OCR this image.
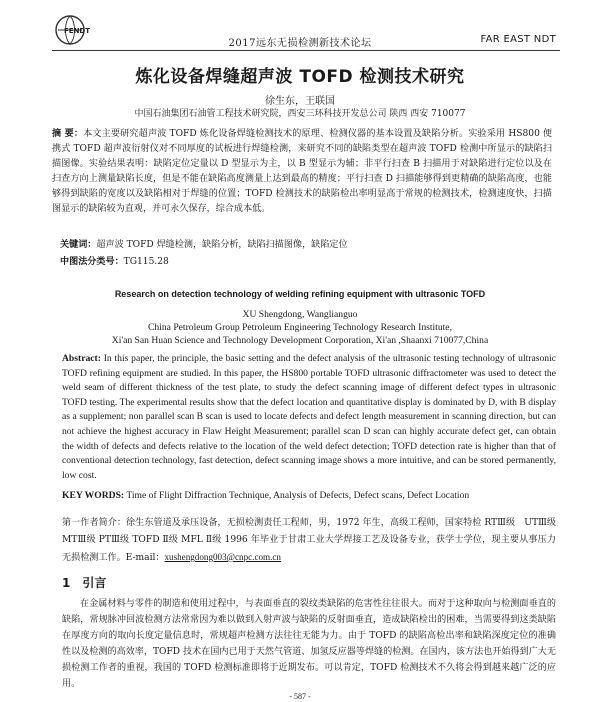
FENDT
2017远东无损检测新技术论坛	FAR EAST NDT
炼化设备焊缝超声波 TOFD 检测技术研究
徐生东，王联国
中国石油集团石油管工程技术研究院，西安三环科技开发总公司 陕西 西安 710077
摘 要：本文主要研究超声波 TOFD 炼化设备焊缝检测技术的原理、检测仪器的基本设置及缺陷分析。实验采用 HS800 便携式 TOFD 超声波衍射仪对不同厚度的试板进行焊缝检测，来研究不同的缺陷类型在超声波 TOFD 检测中所显示的缺陷扫描图像。实验结果表明：缺陷定位定量以 D 型显示为主，以 B 型显示为辅；非平行扫查 B 扫描用于对缺陷进行定位以及在扫查方向上测量缺陷长度，但是不能在缺陷高度测量上达到最高的精度；平行扫查 D 扫描能够得到更精确的缺陷高度，也能够得到缺陷的宽度以及缺陷相对于焊缝的位置；TOFD 检测技术的缺陷检出率明显高于常规的检测技术，检测速度快，扫描图显示的缺陷较为直观，并可永久保存，综合成本低。
关键词：超声波 TOFD 焊缝检测，缺陷分析，缺陷扫描图像，缺陷定位
中图法分类号：TG115.28
Research on detection technology of welding refining equipment with ultrasonic TOFD
XU Shengdong, Wanglianguo
China Petroleum Group Petroleum Engineering Technology Research Institute,
Xi'an San Huan Science and Technology Development Corporation, Xi'an ,Shaanxi 710077,China
Abstract: In this paper, the principle, the basic setting and the defect analysis of the ultrasonic testing technology of ultrasonic TOFD refining equipment are studied. In this paper, the HS800 portable TOFD ultrasonic diffractometer was used to detect the weld seam of different thickness of the test plate, to study the defect scanning image of different defect types in ultrasonic TOFD testing. The experimental results show that the defect location and quantitative display is dominated by D, with B display as a supplement; non parallel scan B scan is used to locate defects and defect length measurement in scanning direction, but can not achieve the highest accuracy in Flaw Height Measurement; parallel scan D scan can highly accurate defect get, can obtain the width of defects and defects relative to the location of the weld defect detection; TOFD detection rate is higher than that of conventional detection technology, fast detection, defect scanning image shows a more intuitive, and can be stored permanently, low cost.
KEY WORDS: Time of Flight Diffraction Technique, Analysis of Defects, Defect scans, Defect Location
第一作者简介：徐生东管道及承压设备，无损检测责任工程师，男，1972 年生，高级工程师，国家特检 RTⅢ级　UTⅢ级 MTⅢ级 PTⅢ级 TOFD Ⅱ级 MFL Ⅱ级 1996 年毕业于甘肃工业大学焊接工艺及设备专业，获学士学位，现主要从事压力无损检测工作。E-mail：xushengdong003@cnpc.com.cn
1 引言
在金属材料与零件的制造和使用过程中，与表面垂直的裂纹类缺陷的危害性往往很大。而对于这种取向与检测面垂直的缺陷，常规脉冲回波检测方法常常因为难以做到入射声波与缺陷的反射面垂直，造成缺陷检出的困难，当需要得到这类缺陷在厚度方向的取向长度定量信息时，常规超声检测方法往往无能为力。由于 TOFD 的缺陷高检出率和缺陷深度定位的准确性以及检测的高效率，TOFD 技术在国内已用于天然气管道、加氢反应器等焊缝的检测。在国内，该方法也开始得到广大无损检测工作者的重视，我国的 TOFD 检测标准即将于近期发布。可以肯定，TOFD 检测技术不久将会得到越来越广泛的应用。
- 587 -
